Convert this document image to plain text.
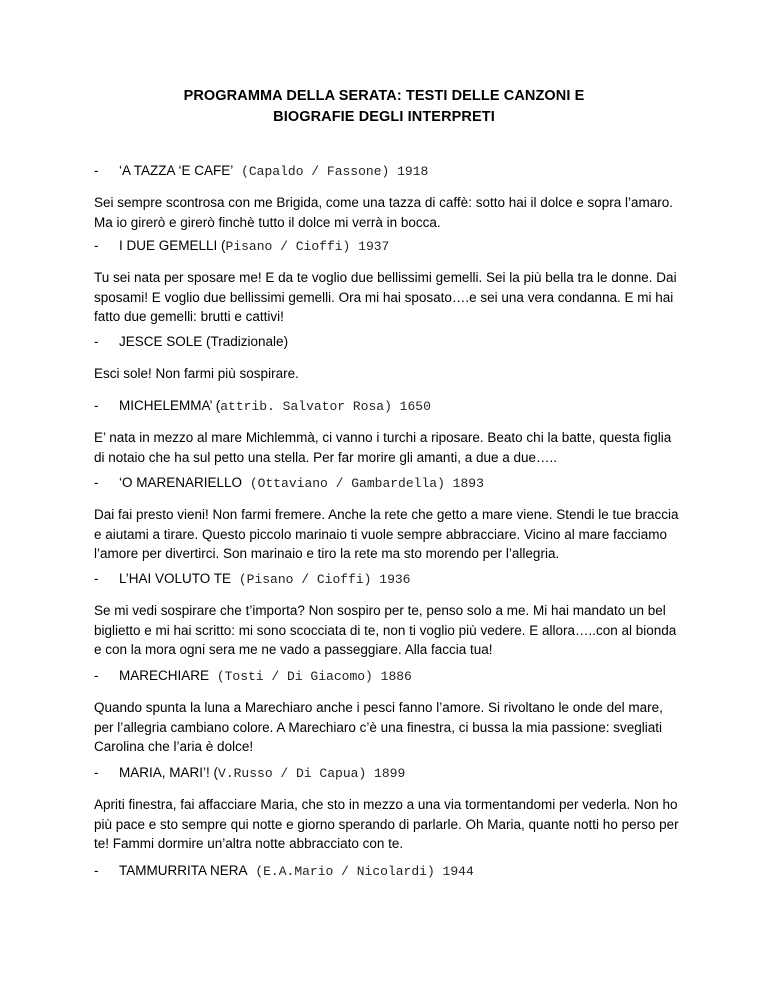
PROGRAMMA DELLA SERATA: TESTI DELLE CANZONI E
BIOGRAFIE DEGLI INTERPRETI
- ‘A TAZZA ‘E CAFE’ (Capaldo / Fassone) 1918
Sei sempre scontrosa con me Brigida, come una tazza di caffè: sotto hai il dolce e sopra l’amaro. Ma io girerò e girerò finchè tutto il dolce mi verrà in bocca.
- I DUE GEMELLI (Pisano / Cioffi) 1937
Tu sei nata per sposare me! E da te voglio due bellissimi gemelli. Sei la più bella tra le donne. Dai sposami! E voglio due bellissimi gemelli. Ora mi hai sposato….e sei una vera condanna. E mi hai fatto due gemelli: brutti e cattivi!
- JESCE SOLE (Tradizionale)
Esci sole! Non farmi più sospirare.
- MICHELEMMA’ (attrib. Salvator Rosa) 1650
E’ nata in mezzo al mare Michlemmà, ci vanno i turchi a riposare. Beato chi la batte, questa figlia di notaio che ha sul petto una stella. Per far morire gli amanti, a due a due…..
- ‘O MARENARIELLO (Ottaviano / Gambardella) 1893
Dai fai presto vieni! Non farmi fremere. Anche la rete che getto a mare viene. Stendi le tue braccia e aiutami a tirare. Questo piccolo marinaio ti vuole sempre abbracciare. Vicino al mare facciamo l’amore per divertirci. Son marinaio e tiro la rete ma sto morendo per l’allegria.
- L’HAI VOLUTO TE (Pisano / Cioffi) 1936
Se mi vedi sospirare che t’importa? Non sospiro per te, penso solo a me. Mi hai mandato un bel biglietto e mi hai scritto: mi sono scocciata di te, non ti voglio più vedere. E allora…..con al bionda e con la mora ogni sera me ne vado a passeggiare. Alla faccia tua!
- MARECHIARE (Tosti / Di Giacomo) 1886
Quando spunta la luna a Marechiaro anche i pesci fanno l’amore. Si rivoltano le onde del mare, per l’allegria cambiano colore. A Marechiaro c’è una finestra, ci bussa la mia passione: svegliati Carolina che l’aria è dolce!
- MARIA, MARI’! (V.Russo / Di Capua) 1899
Apriti finestra, fai affacciare Maria, che sto in mezzo a una via tormentandomi per vederla. Non ho più pace e sto sempre qui notte e giorno sperando di parlarle. Oh Maria, quante notti ho perso per te! Fammi dormire un’altra notte abbracciato con te.
- TAMMURRITA NERA (E.A.Mario / Nicolardi) 1944
